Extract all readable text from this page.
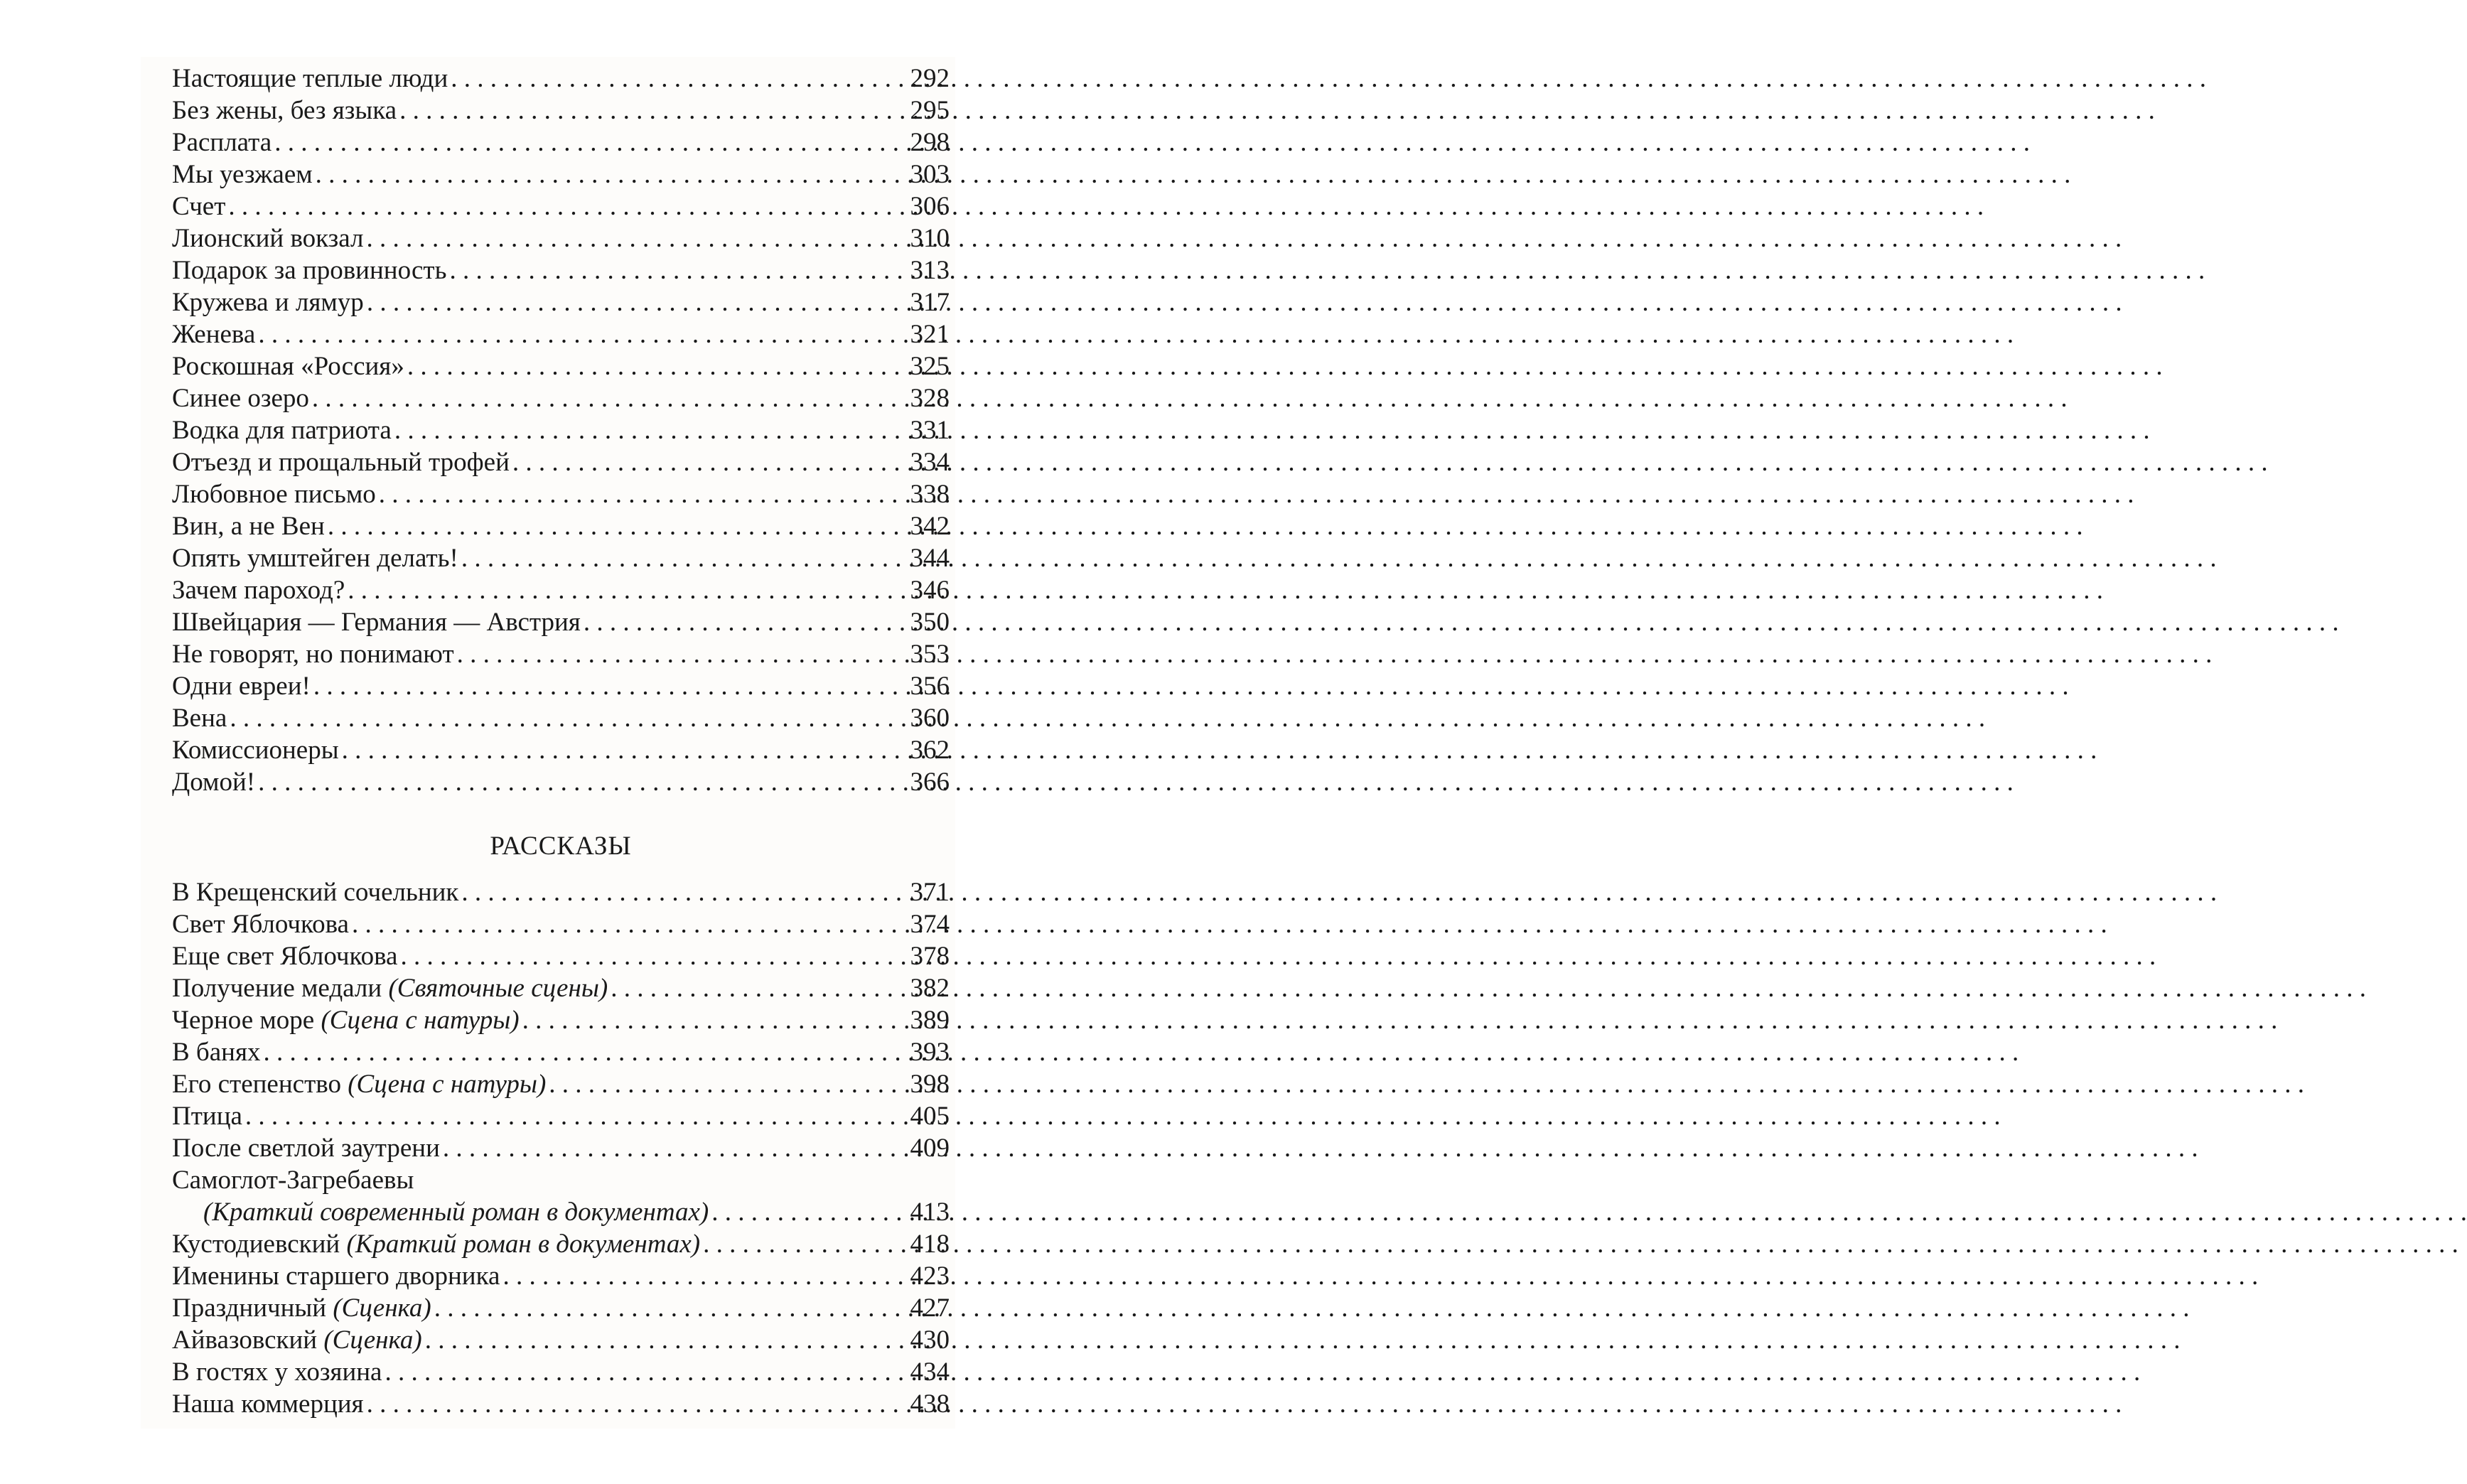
Настоящие теплые люди . . .	292
Без жены, без языка . . .	295
Расплата . . .	298
Мы уезжаем . . .	303
Счет . . .	306
Лионский вокзал . . .	310
Подарок за провинность . . .	313
Кружева и лямур . . .	317
Женева . . .	321
Роскошная «Россия» . . .	325
Синее озеро . . .	328
Водка для патриота . . .	331
Отъезд и прощальный трофей . . .	334
Любовное письмо . . .	338
Вин, а не Вен . . .	342
Опять умштейген делать! . . .	344
Зачем пароход? . . .	346
Швейцария — Германия — Австрия . . .	350
Не говорят, но понимают . . .	353
Одни евреи! . . .	356
Вена . . .	360
Комиссионеры . . .	362
Домой! . . .	366
РАССКАЗЫ
В Крещенский сочельник . . .	371
Свет Яблочкова . . .	374
Еще свет Яблочкова . . .	378
Получение медали (Святочные сцены) . . .	382
Черное море (Сцена с натуры) . . .	389
В банях . . .	393
Его степенство (Сцена с натуры) . . .	398
Птица . . .	405
После светлой заутрени . . .	409
Самоглот-Загребаевы
(Краткий современный роман в документах) . . .	413
Кустодиевский (Краткий роман в документах) . . .	418
Именины старшего дворника . . .	423
Праздничный (Сценка) . . .	427
Айвазовский (Сценка) . . .	430
В гостях у хозяина . . .	434
Наша коммерция . . .	438
